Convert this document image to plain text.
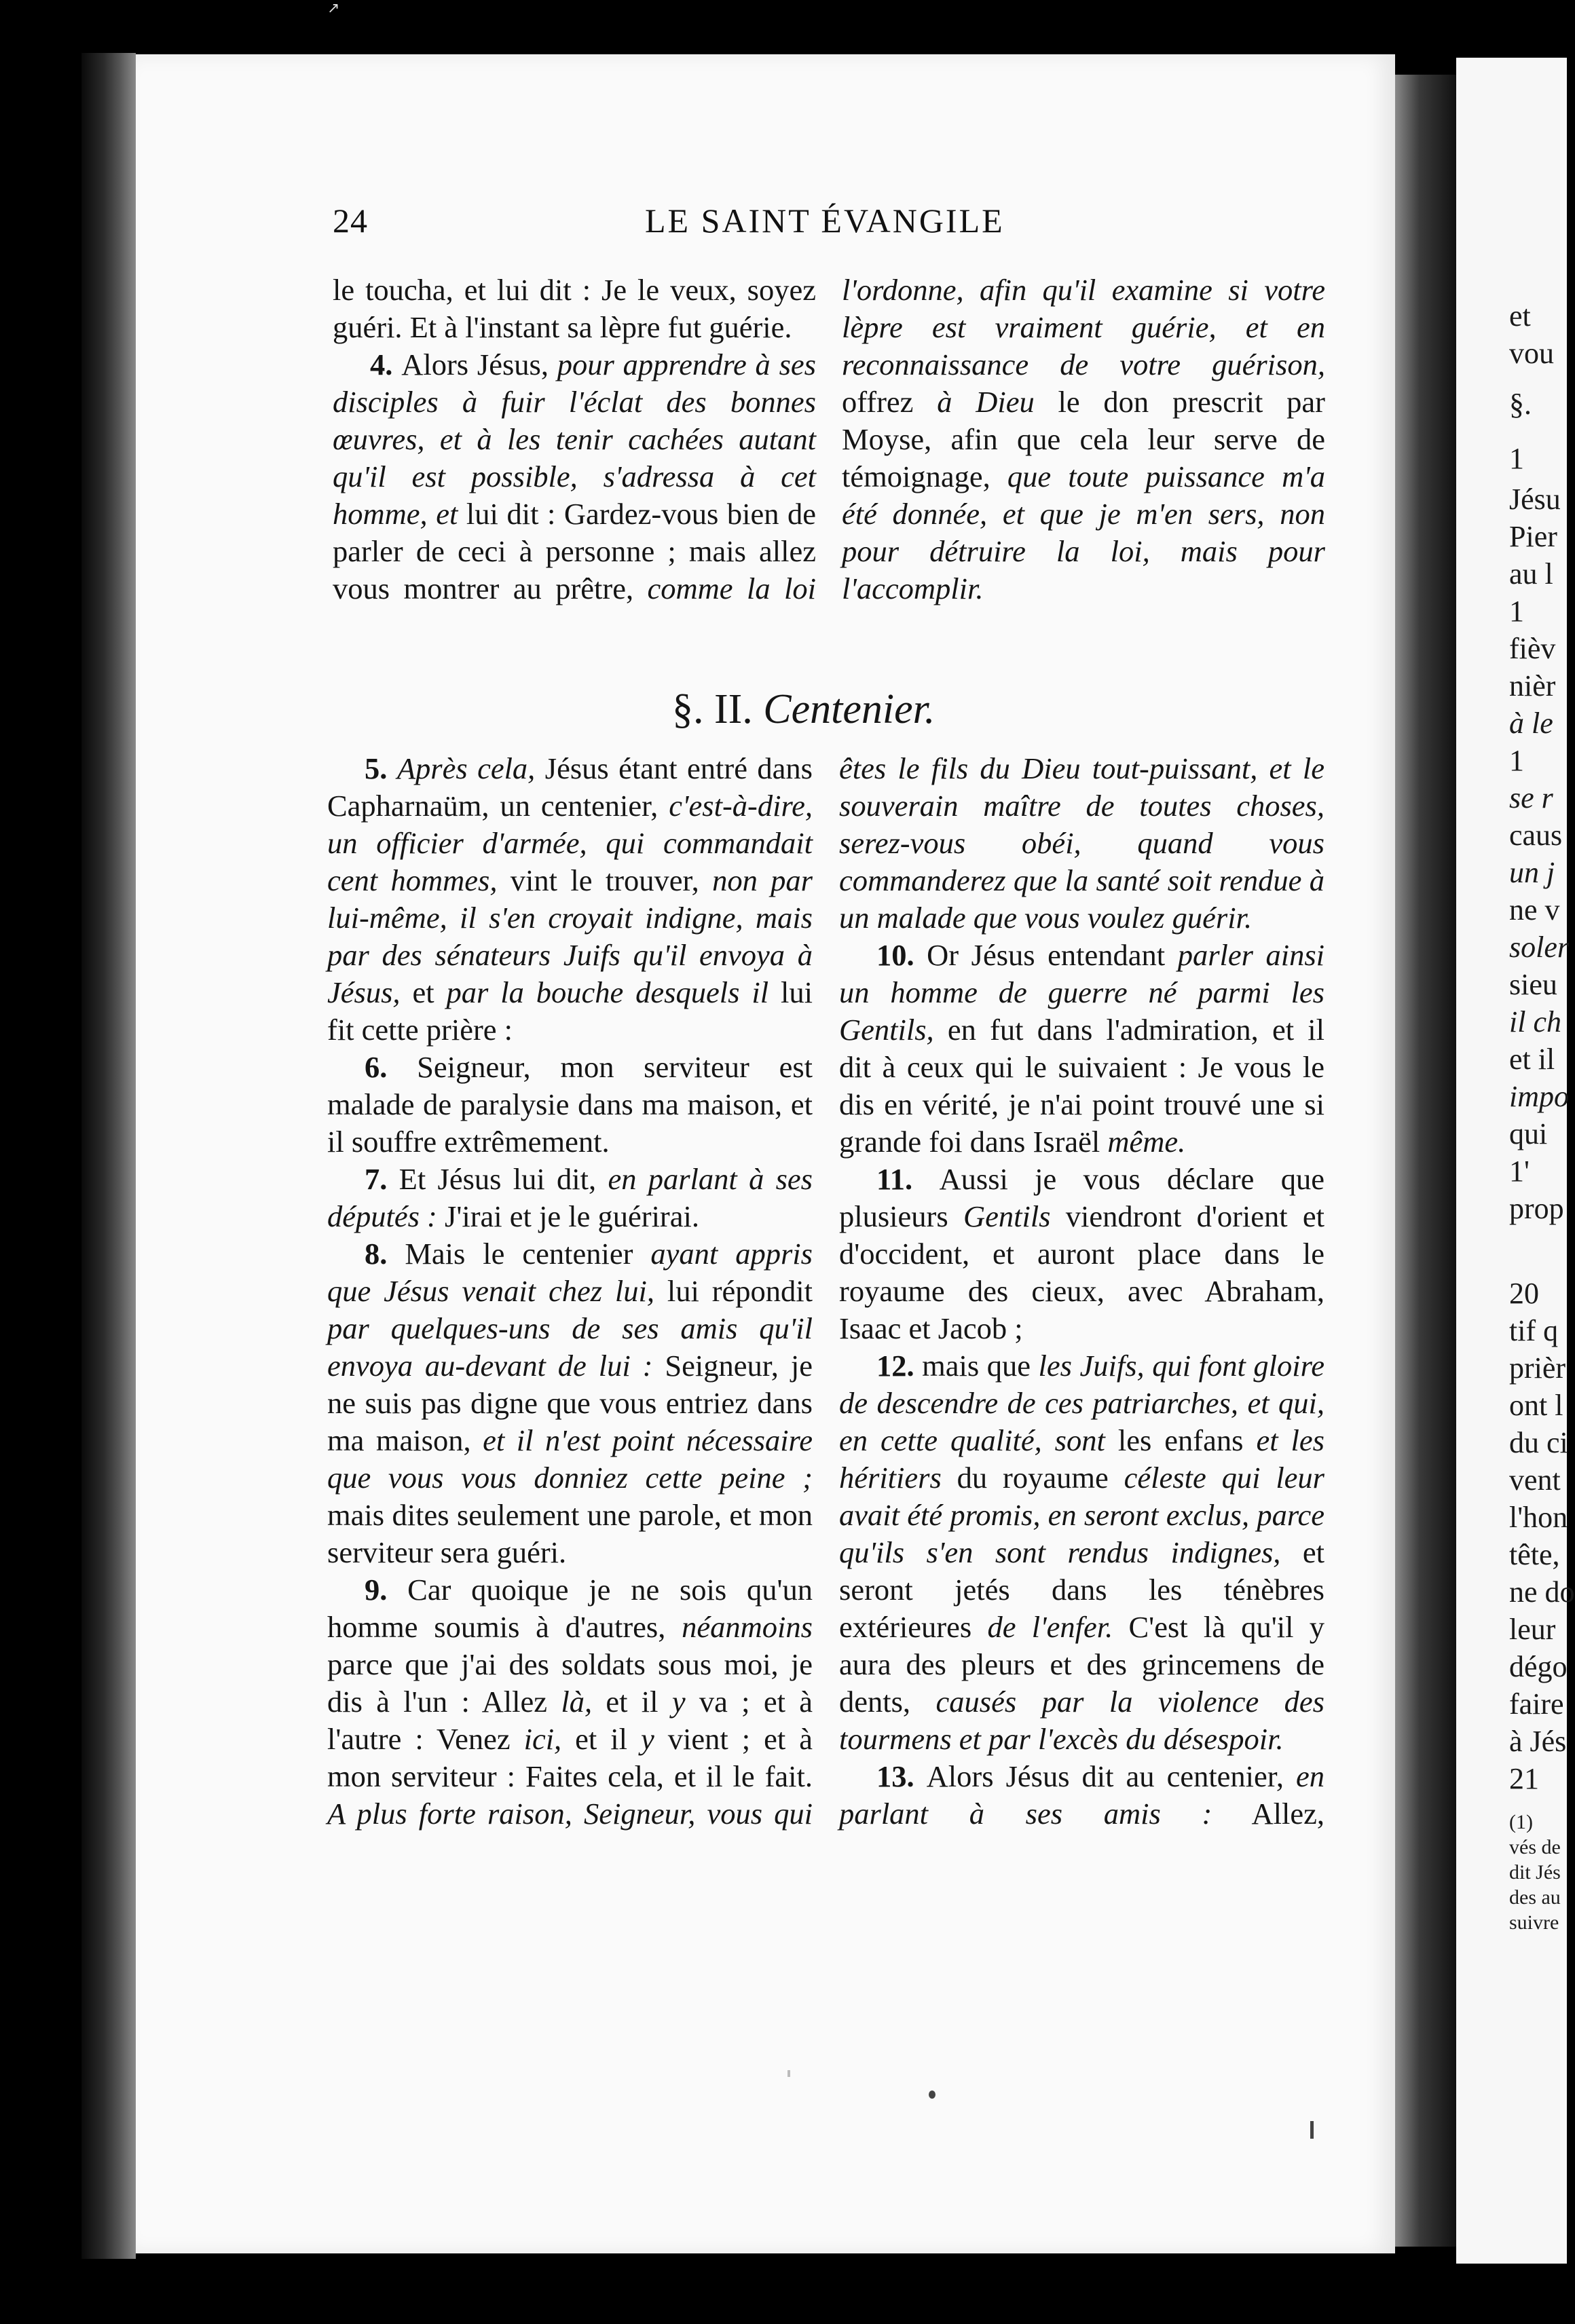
et
vou
§.
1
Jésu
Pier
au l
1
fièv
nièr
à le
1
se r
caus
un j
ne v
soler
sieu
il ch
et il
impo
qui
1'
prop
20
tif q
prièr
ont l
du ci
vent
l'hon
tête,
ne do
leur
dégo
faire
à Jés
21
(1)
vés de
dit Jés
des au
suivre
↗
24	LE SAINT ÉVANGILE

le toucha, et lui dit : Je le veux, soyez guéri. Et à l'instant sa lèpre fut guérie.

4. Alors Jésus, pour apprendre à ses disciples à fuir l'éclat des bonnes œuvres, et à les tenir cachées autant qu'il est possible, s'adressa à cet homme, et lui dit : Gardez-vous bien de parler de ceci à personne ; mais allez vous montrer au prêtre, comme la loi

l'ordonne, afin qu'il examine si votre lèpre est vraiment guérie, et en reconnaissance de votre guérison, offrez à Dieu le don prescrit par Moyse, afin que cela leur serve de témoignage, que toute puissance m'a été donnée, et que je m'en sers, non pour détruire la loi, mais pour l'accomplir.

§. II. Centenier.

5. Après cela, Jésus étant entré dans Capharnaüm, un centenier, c'est-à-dire, un officier d'armée, qui commandait cent hommes, vint le trouver, non par lui-même, il s'en croyait indigne, mais par des sénateurs Juifs qu'il envoya à Jésus, et par la bouche desquels il lui fit cette prière :

6. Seigneur, mon serviteur est malade de paralysie dans ma maison, et il souffre extrêmement.

7. Et Jésus lui dit, en parlant à ses députés : J'irai et je le guérirai.

8. Mais le centenier ayant appris que Jésus venait chez lui, lui répondit par quelques-uns de ses amis qu'il envoya au-devant de lui : Seigneur, je ne suis pas digne que vous entriez dans ma maison, et il n'est point nécessaire que vous vous donniez cette peine ; mais dites seulement une parole, et mon serviteur sera guéri.

9. Car quoique je ne sois qu'un homme soumis à d'autres, néanmoins parce que j'ai des soldats sous moi, je dis à l'un : Allez là, et il y va ; et à l'autre : Venez ici, et il y vient ; et à mon serviteur : Faites cela, et il le fait. A plus forte raison, Seigneur, vous qui

êtes le fils du Dieu tout-puissant, et le souverain maître de toutes choses, serez-vous obéi, quand vous commanderez que la santé soit rendue à un malade que vous voulez guérir.

10. Or Jésus entendant parler ainsi un homme de guerre né parmi les Gentils, en fut dans l'admiration, et il dit à ceux qui le suivaient : Je vous le dis en vérité, je n'ai point trouvé une si grande foi dans Israël même.

11. Aussi je vous déclare que plusieurs Gentils viendront d'orient et d'occident, et auront place dans le royaume des cieux, avec Abraham, Isaac et Jacob ;

12. mais que les Juifs, qui font gloire de descendre de ces patriarches, et qui, en cette qualité, sont les enfans et les héritiers du royaume céleste qui leur avait été promis, en seront exclus, parce qu'ils s'en sont rendus indignes, et seront jetés dans les ténèbres extérieures de l'enfer. C'est là qu'il y aura des pleurs et des grincemens de dents, causés par la violence des tourmens et par l'excès du désespoir.

13. Alors Jésus dit au centenier, en parlant à ses amis : Allez,
